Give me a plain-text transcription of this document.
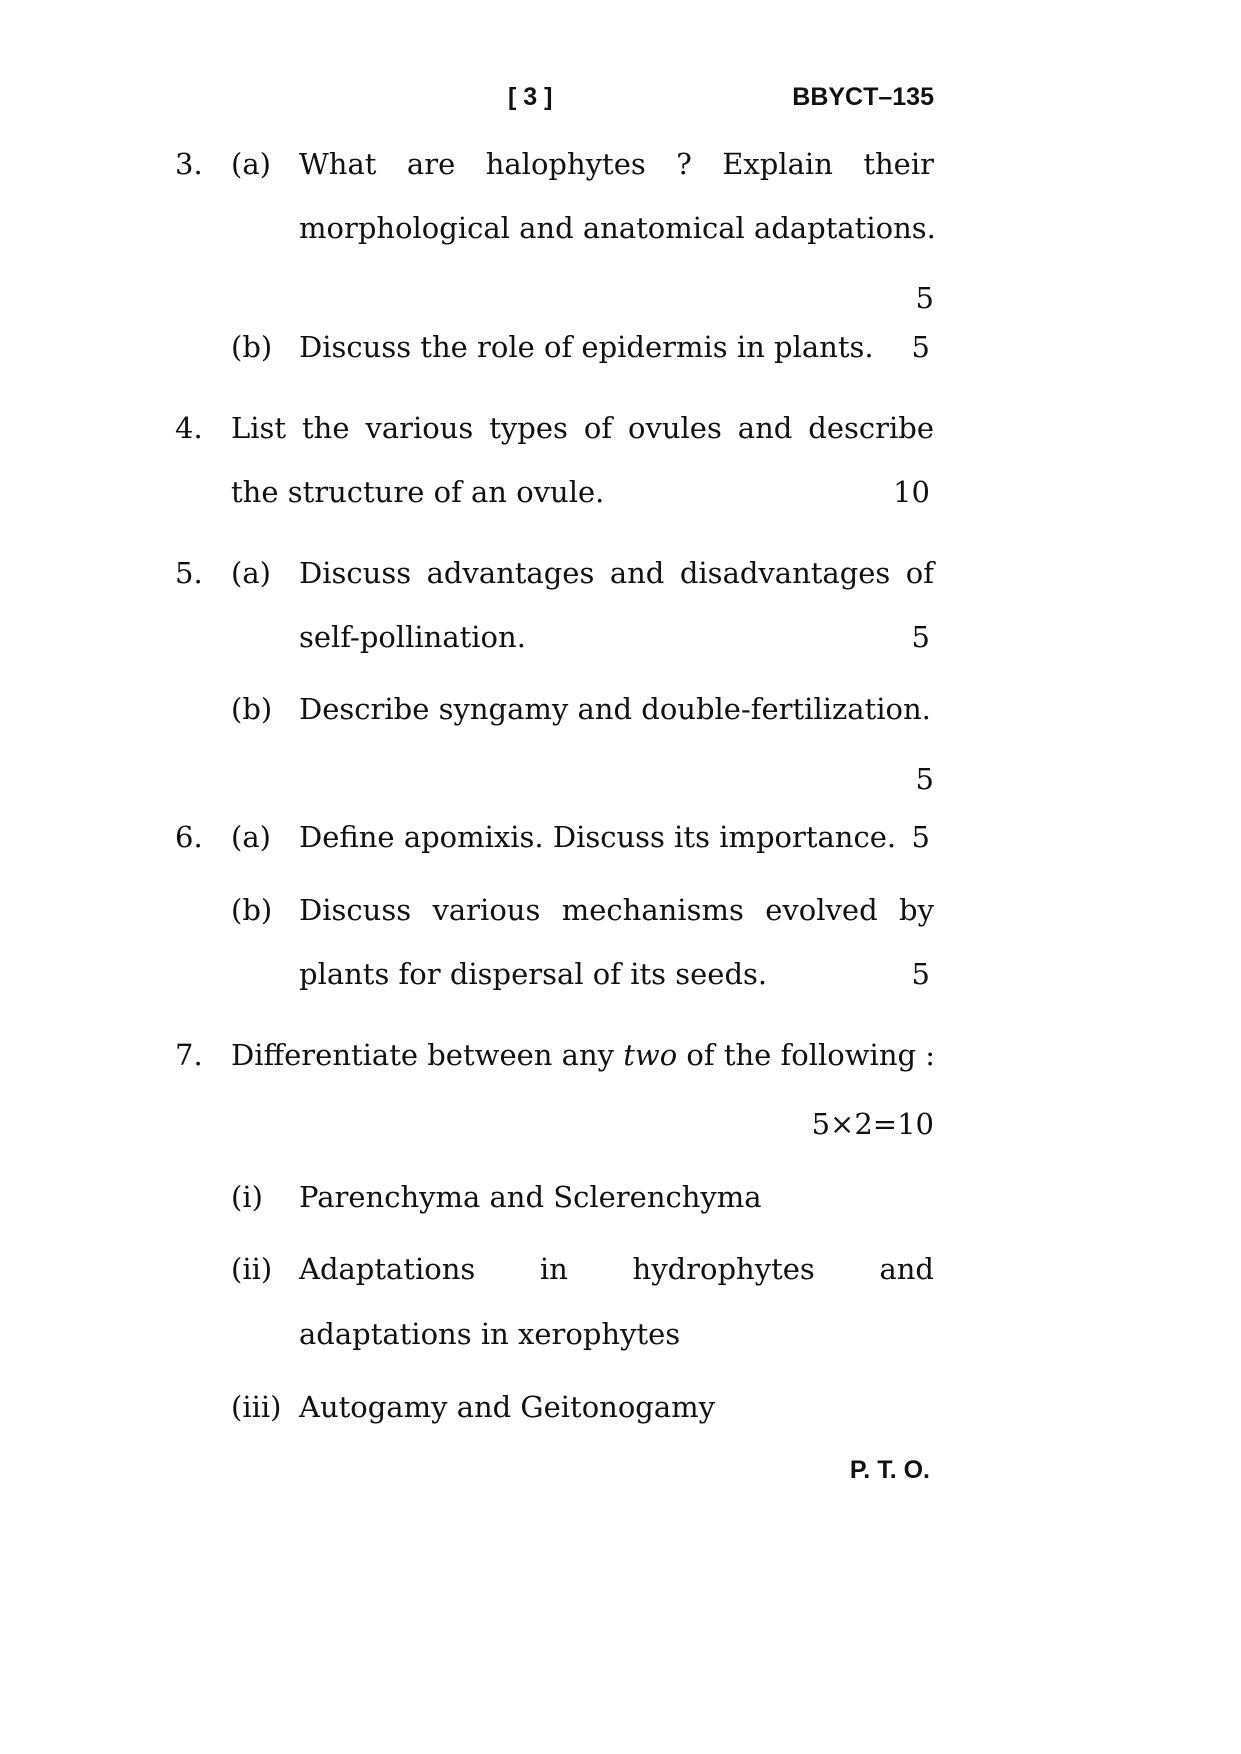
[ 3 ]	BBYCT–135
3. (a) What are halophytes ? Explain their
morphological and anatomical adaptations.
5
(b) Discuss the role of epidermis in plants.	5
4. List the various types of ovules and describe
the structure of an ovule.	10
5. (a) Discuss advantages and disadvantages of
self-pollination.	5
(b) Describe syngamy and double-fertilization.
5
6. (a) Define apomixis. Discuss its importance. 5
(b) Discuss various mechanisms evolved by
plants for dispersal of its seeds.	5
7. Differentiate between any two of the following :
5×2=10
(i) Parenchyma and Sclerenchyma
(ii) Adaptations in hydrophytes and
adaptations in xerophytes
(iii) Autogamy and Geitonogamy
P. T. O.
